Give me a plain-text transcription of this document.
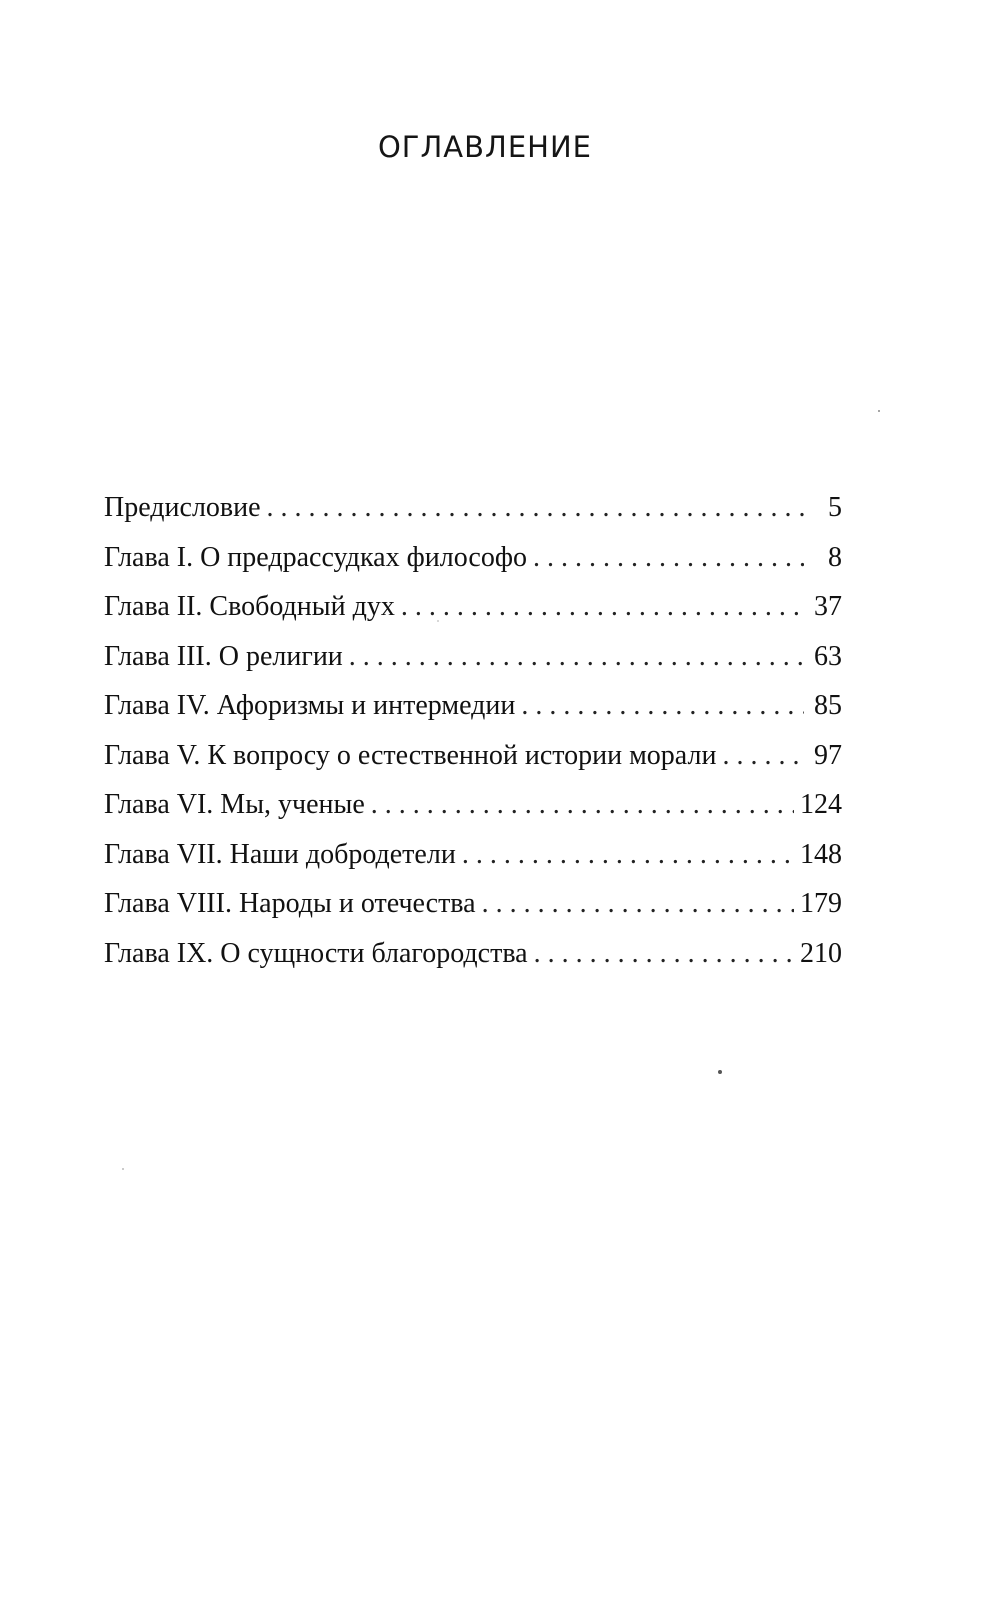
ОГЛАВЛЕНИЕ
Предисловие . . .	5
Глава I. О предрассудках философо . . .	8
Глава II. Свободный дух . . .	37
Глава III. О религии . . .	63
Глава IV. Афоризмы и интермедии . . .	85
Глава V. К вопросу о естественной истории морали . . .	97
Глава VI. Мы, ученые . . .	124
Глава VII. Наши добродетели . . .	148
Глава VIII. Народы и отечества . . .	179
Глава IX. О сущности благородства . . .	210
